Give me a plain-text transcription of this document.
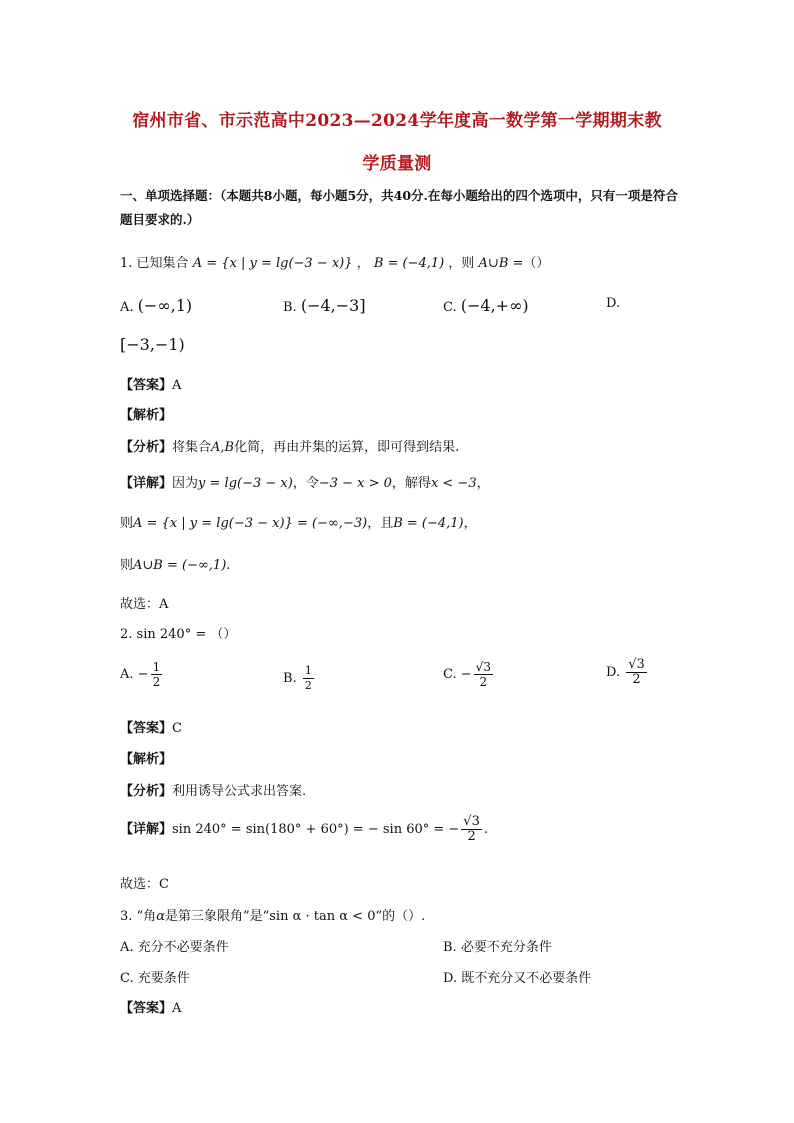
宿州市省、市示范高中2023—2024学年度高一数学第一学期期末教
学质量测
一、单项选择题：（本题共8小题，每小题5分，共40分.在每小题给出的四个选项中，只有一项是符合题目要求的.）
1. 已知集合 A = {x | y = lg(−3 − x)} ， B = (−4,1) ，则 A∪B =（）
A. (−∞,1)	B. (−4,−3]	C. (−4,+∞)	D.
[−3,−1)
【答案】A
【解析】
【分析】将集合A,B化简，再由并集的运算，即可得到结果.
【详解】因为y = lg(−3 − x)，令−3 − x > 0，解得x < −3，
则A = {x | y = lg(−3 − x)} = (−∞,−3)，且B = (−4,1)，
则A∪B = (−∞,1).
故选：A
2. sin 240° = （）
A. − $\frac{1}{2}$	B. $\frac{1}{2}$	C. − $\frac{√3}{2}$	D. $\frac{√3}{2}$
【答案】C
【解析】
【分析】利用诱导公式求出答案.
【详解】sin 240° = sin(180° + 60°) = − sin 60° = − $\frac{√3}{2}$ .
故选：C
3. “角α是第三象限角”是“sin α · tan α < 0”的（）.
A. 充分不必要条件	B. 必要不充分条件
C. 充要条件	D. 既不充分又不必要条件
【答案】A
